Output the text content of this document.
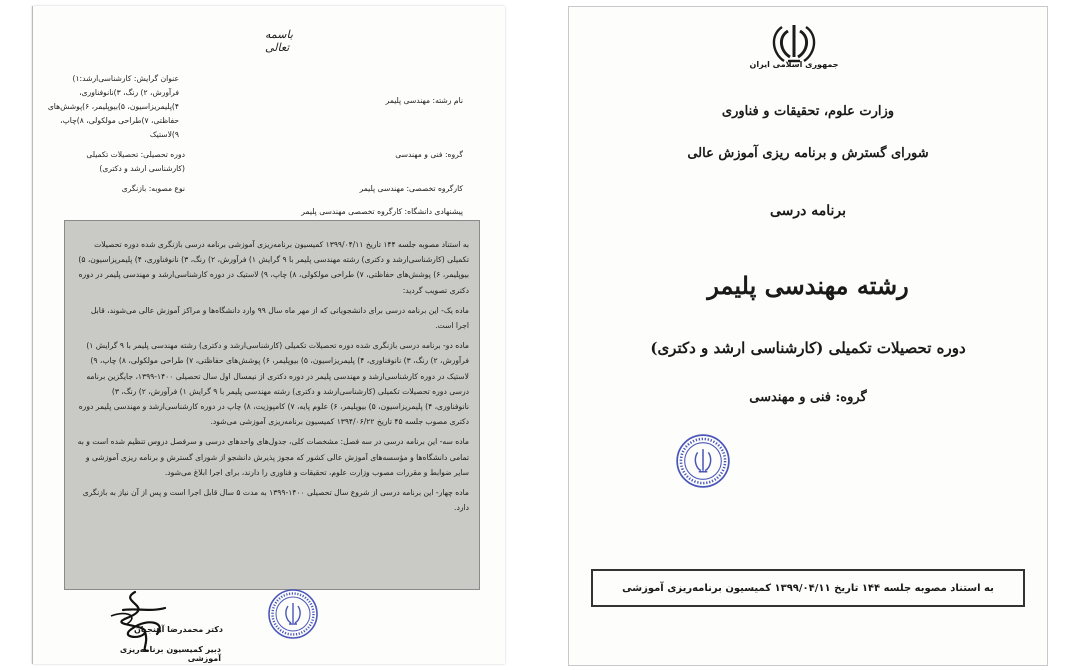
باسمه تعالی
عنوان گرایش: کارشناسی‌ارشد:۱) فرآورش، ۲) رنگ، ۳)نانوفناوری، ۴)پلیمریزاسیون، ۵)بیوپلیمر، ۶)پوشش‌های حفاظتی، ۷)طراحی مولکولی، ۸)چاپ، ۹)لاستیک
نام رشته: مهندسی پلیمر
دوره تحصیلی: تحصیلات تکمیلی (کارشناسی ارشد و دکتری)
گروه: فنی و مهندسی
کارگروه تخصصی: مهندسی پلیمر
نوع مصوبه: بازنگری
پیشنهادی دانشگاه: کارگروه تخصصی مهندسی پلیمر

به استناد مصوبه جلسه ۱۴۴ تاریخ ۱۳۹۹/۰۴/۱۱ کمیسیون برنامه‌ریزی آموزشی برنامه درسی بازنگری شده دوره تحصیلات تکمیلی (کارشناسی‌ارشد و دکتری) رشته مهندسی پلیمر با ۹ گرایش ۱) فرآورش، ۲) رنگ، ۳) نانوفناوری، ۴) پلیمریزاسیون، ۵) بیوپلیمر، ۶) پوشش‌های حفاظتی، ۷) طراحی مولکولی، ۸) چاپ، ۹) لاستیک در دوره کارشناسی‌ارشد و مهندسی پلیمر در دوره دکتری تصویب گردید:

ماده یک- این برنامه درسی برای دانشجویانی که از مهر ماه سال ۹۹ وارد دانشگاه‌ها و مراکز آموزش عالی می‌شوند، قابل اجرا است.

ماده دو- برنامه درسی بازنگری شده دوره تحصیلات تکمیلی (کارشناسی‌ارشد و دکتری) رشته مهندسی پلیمر با ۹ گرایش ۱) فرآورش، ۲) رنگ، ۳) نانوفناوری، ۴) پلیمریزاسیون، ۵) بیوپلیمر، ۶) پوشش‌های حفاظتی، ۷) طراحی مولکولی، ۸) چاپ، ۹) لاستیک در دوره کارشناسی‌ارشد و مهندسی پلیمر در دوره دکتری از نیمسال اول سال تحصیلی ۱۴۰۰-۱۳۹۹، جایگزین برنامه درسی دوره تحصیلات تکمیلی (کارشناسی‌ارشد و دکتری) رشته مهندسی پلیمر با ۹ گرایش ۱) فرآورش، ۲) رنگ، ۳) نانوفناوری، ۴) پلیمریزاسیون، ۵) بیوپلیمر، ۶) علوم پایه، ۷) کامپوزیت، ۸) چاپ در دوره کارشناسی‌ارشد و مهندسی پلیمر دوره دکتری مصوب جلسه ۴۵ تاریخ ۱۳۹۴/۰۶/۲۲ کمیسیون برنامه‌ریزی آموزشی می‌شود.

ماده سه- این برنامه درسی در سه فصل: مشخصات کلی، جدول‌های واحدهای درسی و سرفصل دروس تنظیم شده است و به تمامی دانشگاه‌ها و مؤسسه‌های آموزش عالی کشور که مجوز پذیرش دانشجو از شورای گسترش و برنامه ریزی آموزشی و سایر ضوابط و مقررات مصوب وزارت علوم، تحقیقات و فناوری را دارند، برای اجرا ابلاغ می‌شود.

ماده چهار- این برنامه درسی از شروع سال تحصیلی ۱۴۰۰-۱۳۹۹ به مدت ۵ سال قابل اجرا است و پس از آن نیاز به بازنگری دارد.

دکتر محمدرضا آهنجیان
دبیر کمیسیون برنامه‌ریزی آموزشی
جمهوری اسلامی ایران
وزارت علوم، تحقیقات و فناوری
شورای گسترش و برنامه ریزی آموزش عالی
برنامه درسی
رشته مهندسی پلیمر
دوره تحصیلات تکمیلی (کارشناسی ارشد و دکتری)
گروه: فنی و مهندسی
به استناد مصوبه جلسه ۱۴۴ تاریخ ۱۳۹۹/۰۴/۱۱ کمیسیون برنامه‌ریزی آموزشی
